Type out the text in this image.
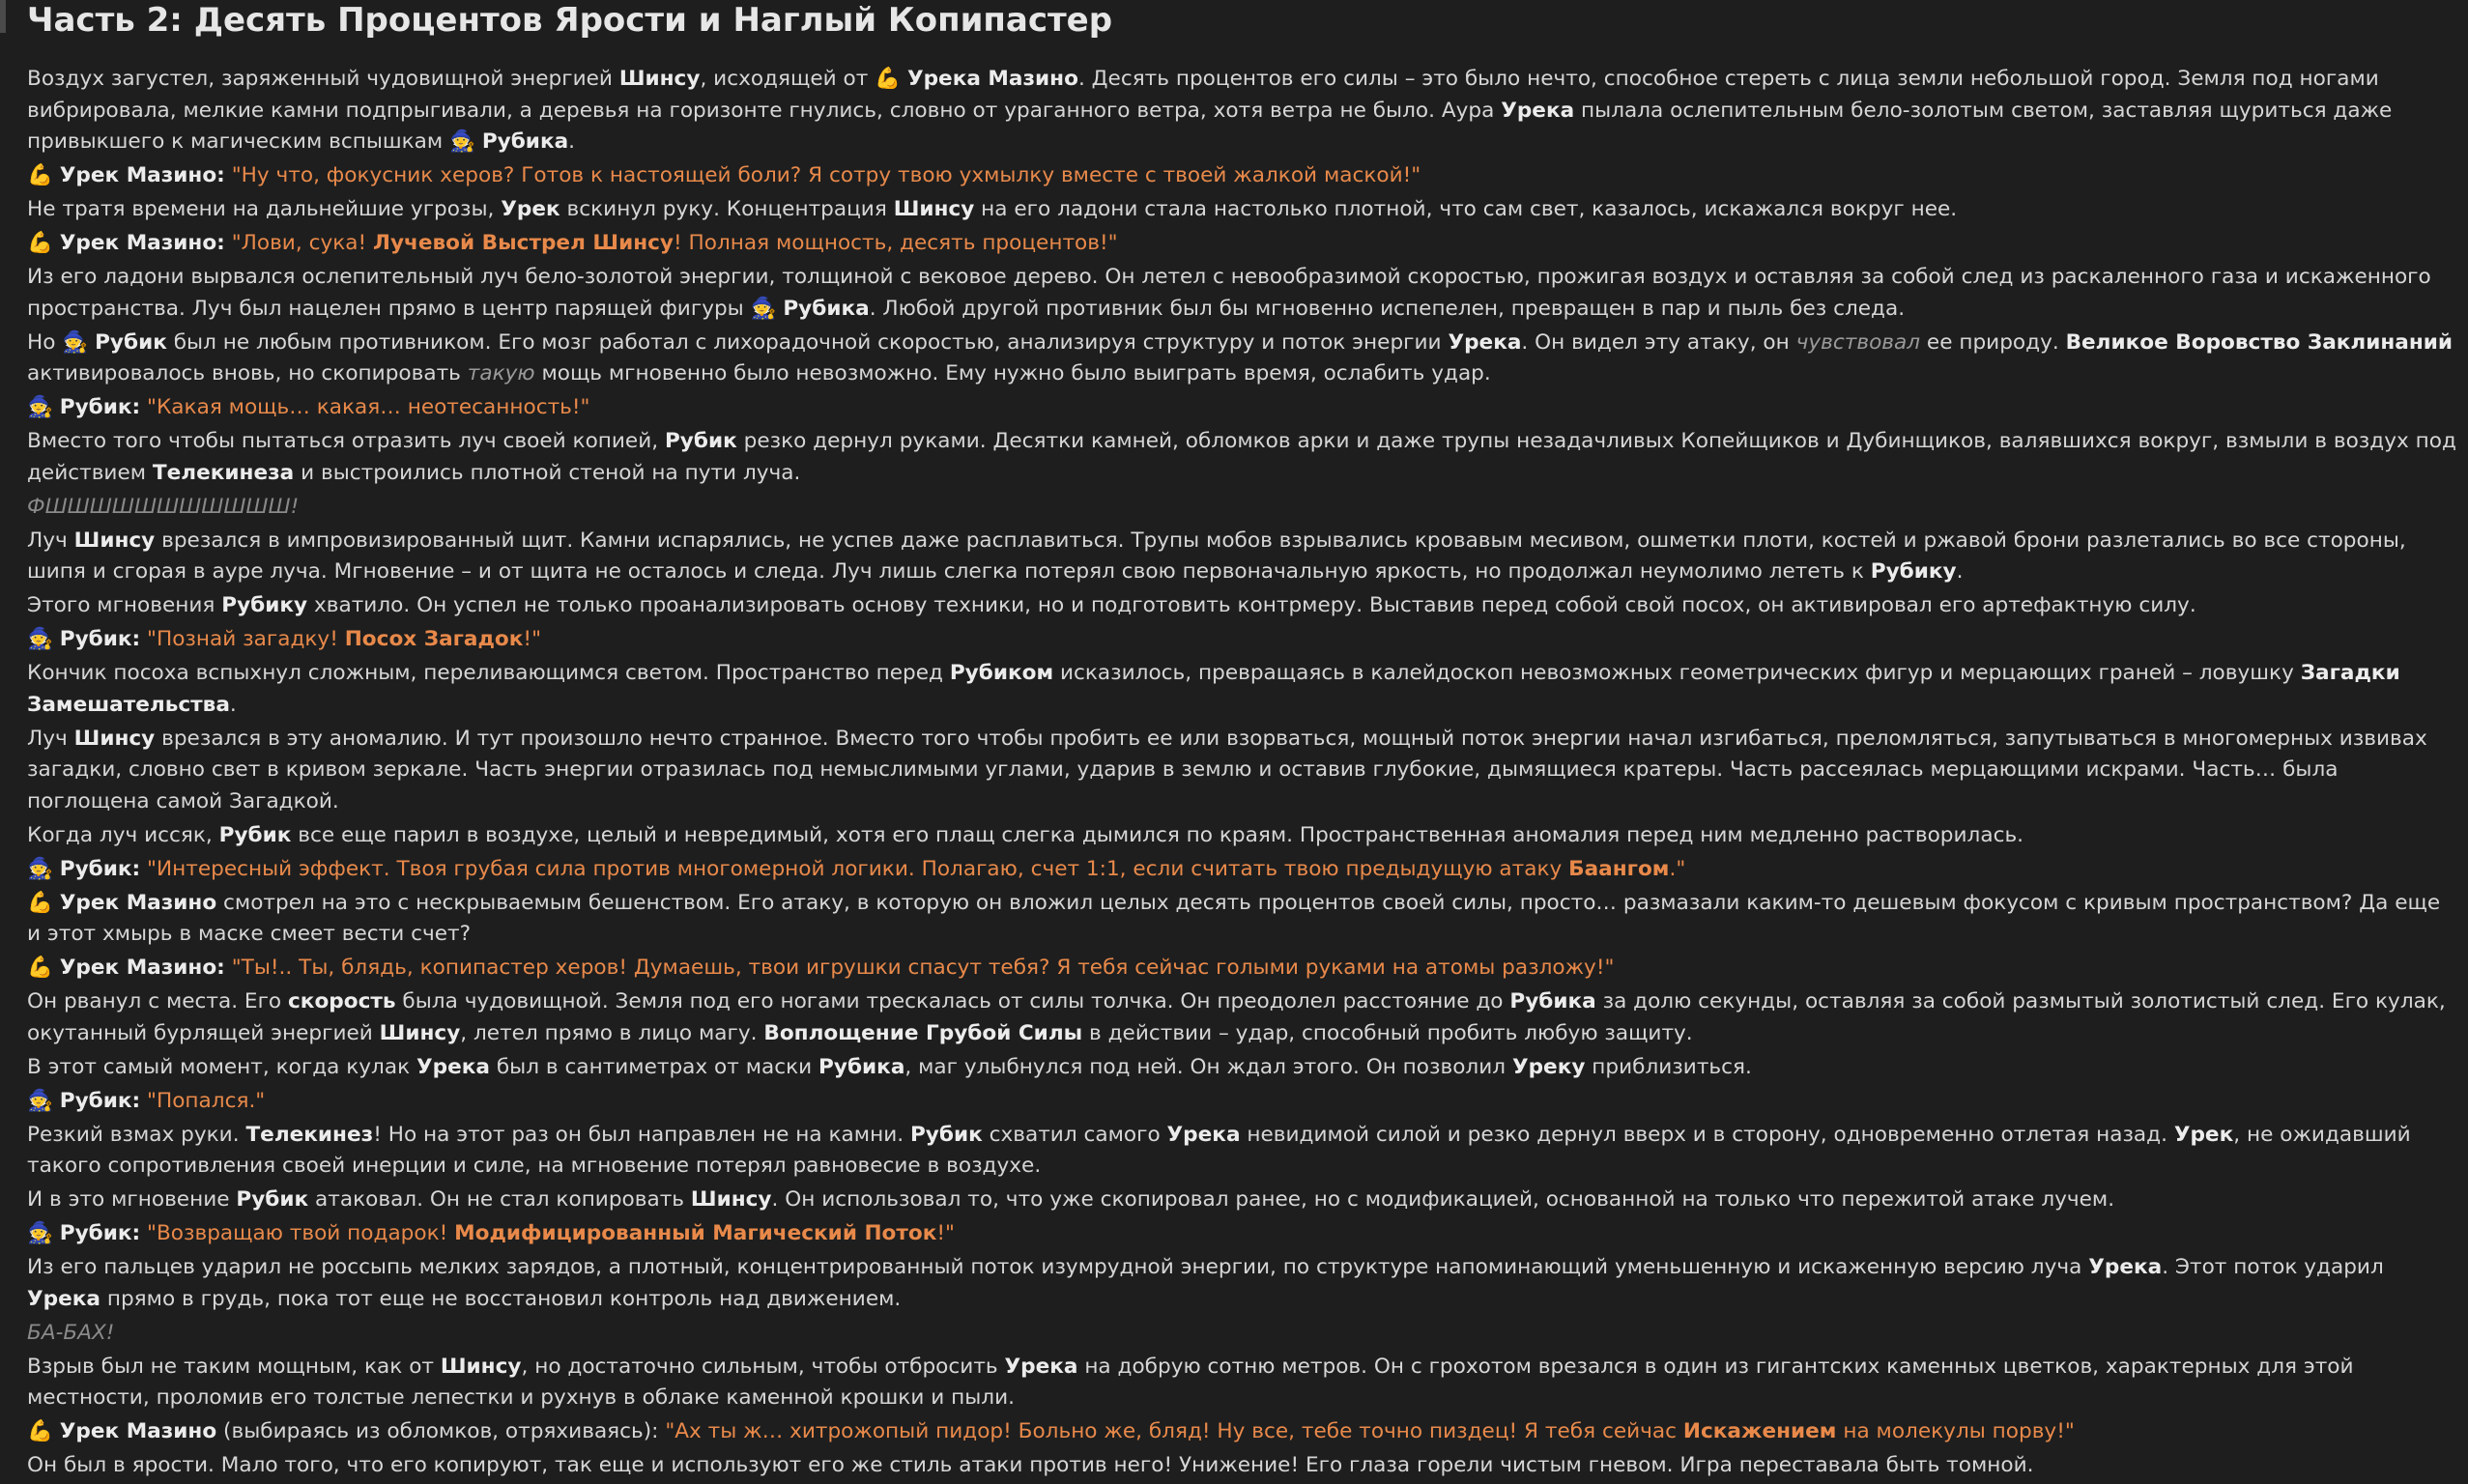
Часть 2: Десять Процентов Ярости и Наглый Копипастер
Воздух загустел, заряженный чудовищной энергией Шинсу, исходящей от 💪 Урека Мазино. Десять процентов его силы – это было нечто, способное стереть с лица земли небольшой город. Земля под ногами вибрировала, мелкие камни подпрыгивали, а деревья на горизонте гнулись, словно от ураганного ветра, хотя ветра не было. Аура Урека пылала ослепительным бело-золотым светом, заставляя щуриться даже привыкшего к магическим вспышкам 🧙 Рубика.
💪 Урек Мазино: "Ну что, фокусник херов? Готов к настоящей боли? Я сотру твою ухмылку вместе с твоей жалкой маской!"
Не тратя времени на дальнейшие угрозы, Урек вскинул руку. Концентрация Шинсу на его ладони стала настолько плотной, что сам свет, казалось, искажался вокруг нее.
💪 Урек Мазино: "Лови, сука! Лучевой Выстрел Шинсу! Полная мощность, десять процентов!"
Из его ладони вырвался ослепительный луч бело-золотой энергии, толщиной с вековое дерево. Он летел с невообразимой скоростью, прожигая воздух и оставляя за собой след из раскаленного газа и искаженного пространства. Луч был нацелен прямо в центр парящей фигуры 🧙 Рубика. Любой другой противник был бы мгновенно испепелен, превращен в пар и пыль без следа.
Но 🧙 Рубик был не любым противником. Его мозг работал с лихорадочной скоростью, анализируя структуру и поток энергии Урека. Он видел эту атаку, он чувствовал ее природу. Великое Воровство Заклинаний активировалось вновь, но скопировать такую мощь мгновенно было невозможно. Ему нужно было выиграть время, ослабить удар.
🧙 Рубик: "Какая мощь… какая… неотесанность!"
Вместо того чтобы пытаться отразить луч своей копией, Рубик резко дернул руками. Десятки камней, обломков арки и даже трупы незадачливых Копейщиков и Дубинщиков, валявшихся вокруг, взмыли в воздух под действием Телекинеза и выстроились плотной стеной на пути луча.
ФШШШШШШШШШШШ!
Луч Шинсу врезался в импровизированный щит. Камни испарялись, не успев даже расплавиться. Трупы мобов взрывались кровавым месивом, ошметки плоти, костей и ржавой брони разлетались во все стороны, шипя и сгорая в ауре луча. Мгновение – и от щита не осталось и следа. Луч лишь слегка потерял свою первоначальную яркость, но продолжал неумолимо лететь к Рубику.
Этого мгновения Рубику хватило. Он успел не только проанализировать основу техники, но и подготовить контрмеру. Выставив перед собой свой посох, он активировал его артефактную силу.
🧙 Рубик: "Познай загадку! Посох Загадок!"
Кончик посоха вспыхнул сложным, переливающимся светом. Пространство перед Рубиком исказилось, превращаясь в калейдоскоп невозможных геометрических фигур и мерцающих граней – ловушку Загадки Замешательства.
Луч Шинсу врезался в эту аномалию. И тут произошло нечто странное. Вместо того чтобы пробить ее или взорваться, мощный поток энергии начал изгибаться, преломляться, запутываться в многомерных извивах загадки, словно свет в кривом зеркале. Часть энергии отразилась под немыслимыми углами, ударив в землю и оставив глубокие, дымящиеся кратеры. Часть рассеялась мерцающими искрами. Часть… была поглощена самой Загадкой.
Когда луч иссяк, Рубик все еще парил в воздухе, целый и невредимый, хотя его плащ слегка дымился по краям. Пространственная аномалия перед ним медленно растворилась.
🧙 Рубик: "Интересный эффект. Твоя грубая сила против многомерной логики. Полагаю, счет 1:1, если считать твою предыдущую атаку Баангом."
💪 Урек Мазино смотрел на это с нескрываемым бешенством. Его атаку, в которую он вложил целых десять процентов своей силы, просто… размазали каким-то дешевым фокусом с кривым пространством? Да еще и этот хмырь в маске смеет вести счет?
💪 Урек Мазино: "Ты!.. Ты, блядь, копипастер херов! Думаешь, твои игрушки спасут тебя? Я тебя сейчас голыми руками на атомы разложу!"
Он рванул с места. Его скорость была чудовищной. Земля под его ногами трескалась от силы толчка. Он преодолел расстояние до Рубика за долю секунды, оставляя за собой размытый золотистый след. Его кулак, окутанный бурлящей энергией Шинсу, летел прямо в лицо магу. Воплощение Грубой Силы в действии – удар, способный пробить любую защиту.
В этот самый момент, когда кулак Урека был в сантиметрах от маски Рубика, маг улыбнулся под ней. Он ждал этого. Он позволил Уреку приблизиться.
🧙 Рубик: "Попался."
Резкий взмах руки. Телекинез! Но на этот раз он был направлен не на камни. Рубик схватил самого Урека невидимой силой и резко дернул вверх и в сторону, одновременно отлетая назад. Урек, не ожидавший такого сопротивления своей инерции и силе, на мгновение потерял равновесие в воздухе.
И в это мгновение Рубик атаковал. Он не стал копировать Шинсу. Он использовал то, что уже скопировал ранее, но с модификацией, основанной на только что пережитой атаке лучем.
🧙 Рубик: "Возвращаю твой подарок! Модифицированный Магический Поток!"
Из его пальцев ударил не россыпь мелких зарядов, а плотный, концентрированный поток изумрудной энергии, по структуре напоминающий уменьшенную и искаженную версию луча Урека. Этот поток ударил Урека прямо в грудь, пока тот еще не восстановил контроль над движением.
БА-БАХ!
Взрыв был не таким мощным, как от Шинсу, но достаточно сильным, чтобы отбросить Урека на добрую сотню метров. Он с грохотом врезался в один из гигантских каменных цветков, характерных для этой местности, проломив его толстые лепестки и рухнув в облаке каменной крошки и пыли.
💪 Урек Мазино (выбираясь из обломков, отряхиваясь): "Ах ты ж… хитрожопый пидор! Больно же, бляд! Ну все, тебе точно пиздец! Я тебя сейчас Искажением на молекулы порву!"
Он был в ярости. Мало того, что его копируют, так еще и используют его же стиль атаки против него! Унижение! Его глаза горели чистым гневом. Игра переставала быть томной.
